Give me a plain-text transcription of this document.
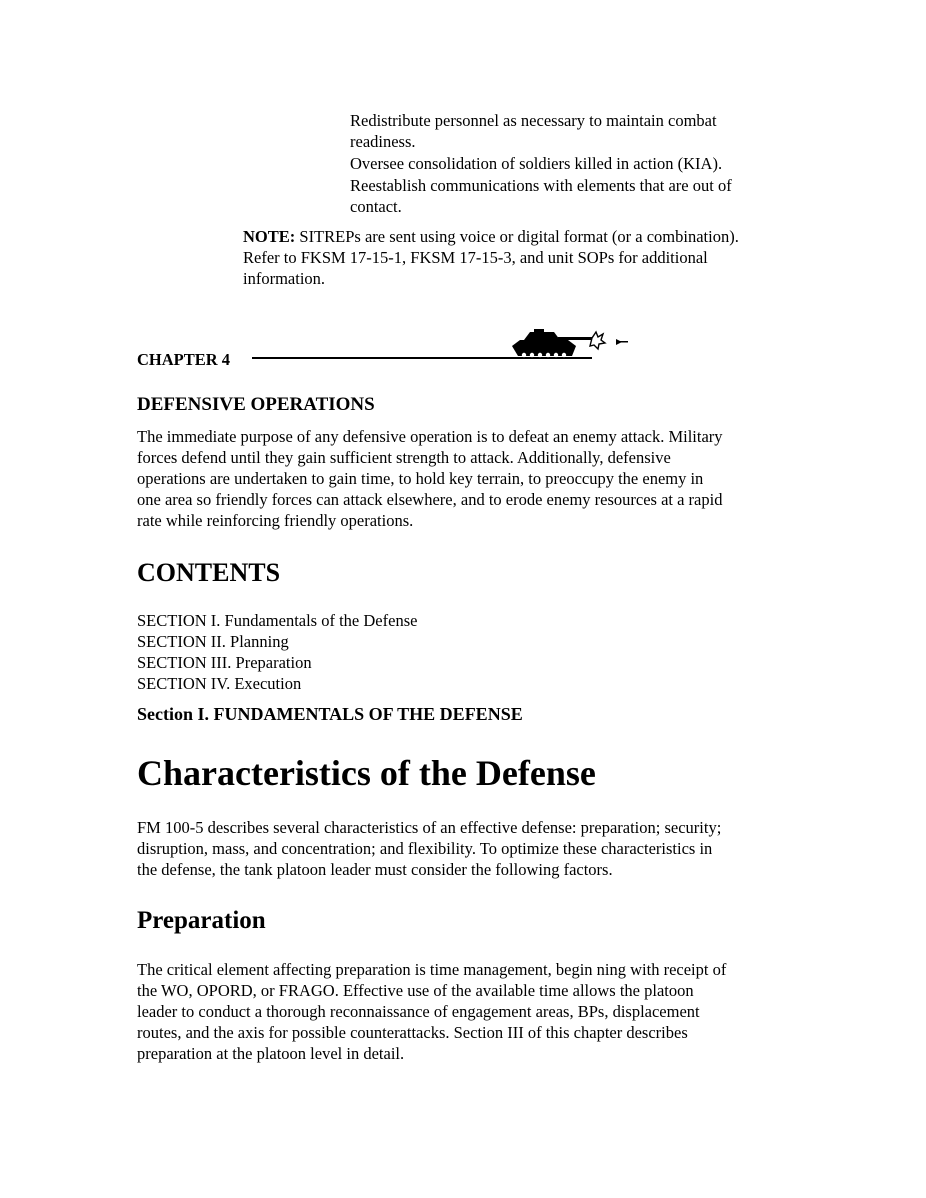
Redistribute personnel as necessary to maintain combat
readiness.
Oversee consolidation of soldiers killed in action (KIA).
Reestablish communications with elements that are out of
contact.
NOTE: SITREPs are sent using voice or digital format (or a combination).
Refer to FKSM 17-15-1, FKSM 17-15-3, and unit SOPs for additional
information.
CHAPTER 4
DEFENSIVE OPERATIONS
The immediate purpose of any defensive operation is to defeat an enemy attack. Military
forces defend until they gain sufficient strength to attack. Additionally, defensive
operations are undertaken to gain time, to hold key terrain, to preoccupy the enemy in
one area so friendly forces can attack elsewhere, and to erode enemy resources at a rapid
rate while reinforcing friendly operations.
CONTENTS
SECTION I. Fundamentals of the Defense
SECTION II. Planning
SECTION III. Preparation
SECTION IV. Execution
Section I. FUNDAMENTALS OF THE DEFENSE
Characteristics of the Defense
FM 100-5 describes several characteristics of an effective defense: preparation; security;
disruption, mass, and concentration; and flexibility. To optimize these characteristics in
the defense, the tank platoon leader must consider the following factors.
Preparation
The critical element affecting preparation is time management, begin ning with receipt of
the WO, OPORD, or FRAGO. Effective use of the available time allows the platoon
leader to conduct a thorough reconnaissance of engagement areas, BPs, displacement
routes, and the axis for possible counterattacks. Section III of this chapter describes
preparation at the platoon level in detail.
